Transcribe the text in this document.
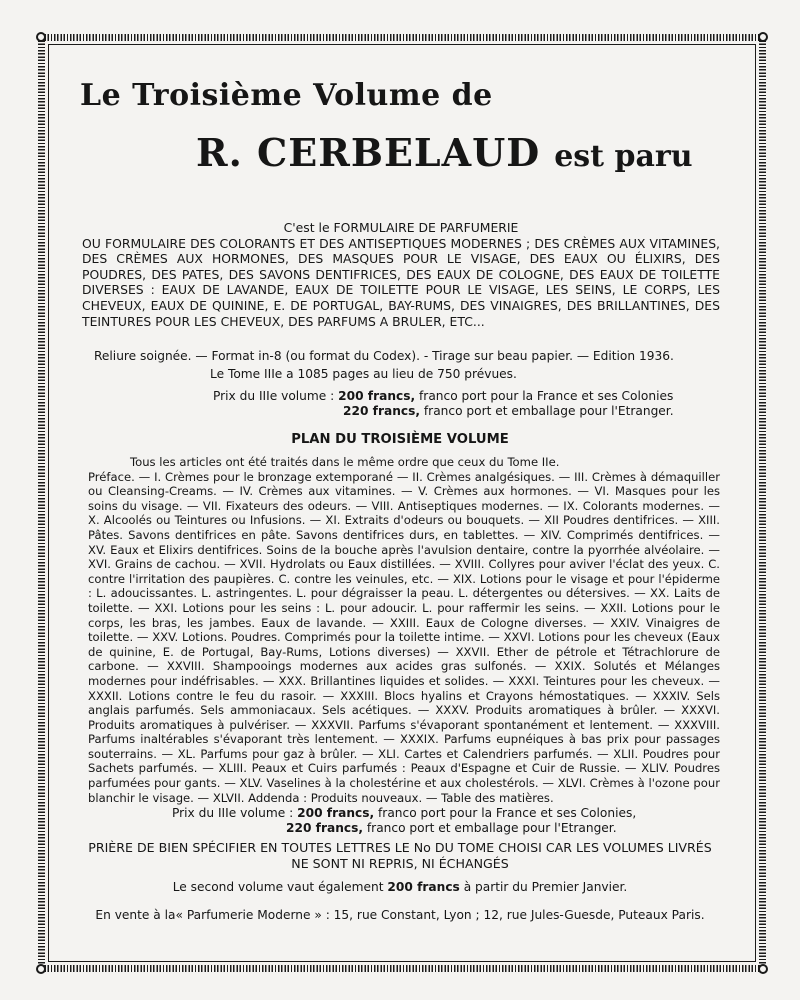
Le Troisième Volume de
R. CERBELAUD est paru
C'est le FORMULAIRE DE PARFUMERIE
OU FORMULAIRE DES COLORANTS ET DES ANTISEPTIQUES MODERNES ; DES CRÈMES AUX VITAMINES, DES CRÈMES AUX HORMONES, DES MASQUES POUR LE VISAGE, DES EAUX OU ÉLIXIRS, DES POUDRES, DES PATES, DES SAVONS DENTIFRICES, DES EAUX DE COLOGNE, DES EAUX DE TOILETTE DIVERSES : EAUX DE LAVANDE, EAUX DE TOILETTE POUR LE VISAGE, LES SEINS, LE CORPS, LES CHEVEUX, EAUX DE QUININE, E. DE PORTUGAL, BAY-RUMS, DES VINAIGRES, DES BRILLANTINES, DES TEINTURES POUR LES CHEVEUX, DES PARFUMS A BRULER, ETC...
Reliure soignée. — Format in-8 (ou format du Codex). - Tirage sur beau papier. — Edition 1936.
Le Tome IIIe a 1085 pages au lieu de 750 prévues.
Prix du IIIe volume : 200 francs, franco port pour la France et ses Colonies
220 francs, franco port et emballage pour l'Etranger.
PLAN DU TROISIÈME VOLUME

Tous les articles ont été traités dans le même ordre que ceux du Tome IIe.

Préface. — I. Crèmes pour le bronzage extemporané — II. Crèmes analgésiques. — III. Crèmes à démaquiller ou Cleansing-Creams. — IV. Crèmes aux vitamines. — V. Crèmes aux hormones. — VI. Masques pour les soins du visage. — VII. Fixateurs des odeurs. — VIII. Antiseptiques modernes. — IX. Colorants modernes. — X. Alcoolés ou Teintures ou Infusions. — XI. Extraits d'odeurs ou bouquets. — XII Poudres dentifrices. — XIII. Pâtes. Savons dentifrices en pâte. Savons dentifrices durs, en tablettes. — XIV. Comprimés dentifrices. — XV. Eaux et Elixirs dentifrices. Soins de la bouche après l'avulsion dentaire, contre la pyorrhée alvéolaire. — XVI. Grains de cachou. — XVII. Hydrolats ou Eaux distillées. — XVIII. Collyres pour aviver l'éclat des yeux. C. contre l'irritation des paupières. C. contre les veinules, etc. — XIX. Lotions pour le visage et pour l'épiderme : L. adoucissantes. L. astringentes. L. pour dégraisser la peau. L. détergentes ou détersives. — XX. Laits de toilette. — XXI. Lotions pour les seins : L. pour adoucir. L. pour raffermir les seins. — XXII. Lotions pour le corps, les bras, les jambes. Eaux de lavande. — XXIII. Eaux de Cologne diverses. — XXIV. Vinaigres de toilette. — XXV. Lotions. Poudres. Comprimés pour la toilette intime. — XXVI. Lotions pour les cheveux (Eaux de quinine, E. de Portugal, Bay-Rums, Lotions diverses) — XXVII. Ether de pétrole et Tétrachlorure de carbone. — XXVIII. Shampooings modernes aux acides gras sulfonés. — XXIX. Solutés et Mélanges modernes pour indéfrisables. — XXX. Brillantines liquides et solides. — XXXI. Teintures pour les cheveux. — XXXII. Lotions contre le feu du rasoir. — XXXIII. Blocs hyalins et Crayons hémostatiques. — XXXIV. Sels anglais parfumés. Sels ammoniacaux. Sels acétiques. — XXXV. Produits aromatiques à brûler. — XXXVI. Produits aromatiques à pulvériser. — XXXVII. Parfums s'évaporant spontanément et lentement. — XXXVIII. Parfums inaltérables s'évaporant très lentement. — XXXIX. Parfums eupnéiques à bas prix pour passages souterrains. — XL. Parfums pour gaz à brûler. — XLI. Cartes et Calendriers parfumés. — XLII. Poudres pour Sachets parfumés. — XLIII. Peaux et Cuirs parfumés : Peaux d'Espagne et Cuir de Russie. — XLIV. Poudres parfumées pour gants. — XLV. Vaselines à la cholestérine et aux cholestérols. — XLVI. Crèmes à l'ozone pour blanchir le visage. — XLVII. Addenda : Produits nouveaux. — Table des matières.

Prix du IIIe volume : 200 francs, franco port pour la France et ses Colonies,
220 francs, franco port et emballage pour l'Etranger.
PRIÈRE DE BIEN SPÉCIFIER EN TOUTES LETTRES LE No DU TOME CHOISI CAR LES VOLUMES LIVRÉS
NE SONT NI REPRIS, NI ÉCHANGÉS
Le second volume vaut également 200 francs à partir du Premier Janvier.
En vente à la« Parfumerie Moderne » : 15, rue Constant, Lyon ; 12, rue Jules-Guesde, Puteaux Paris.
